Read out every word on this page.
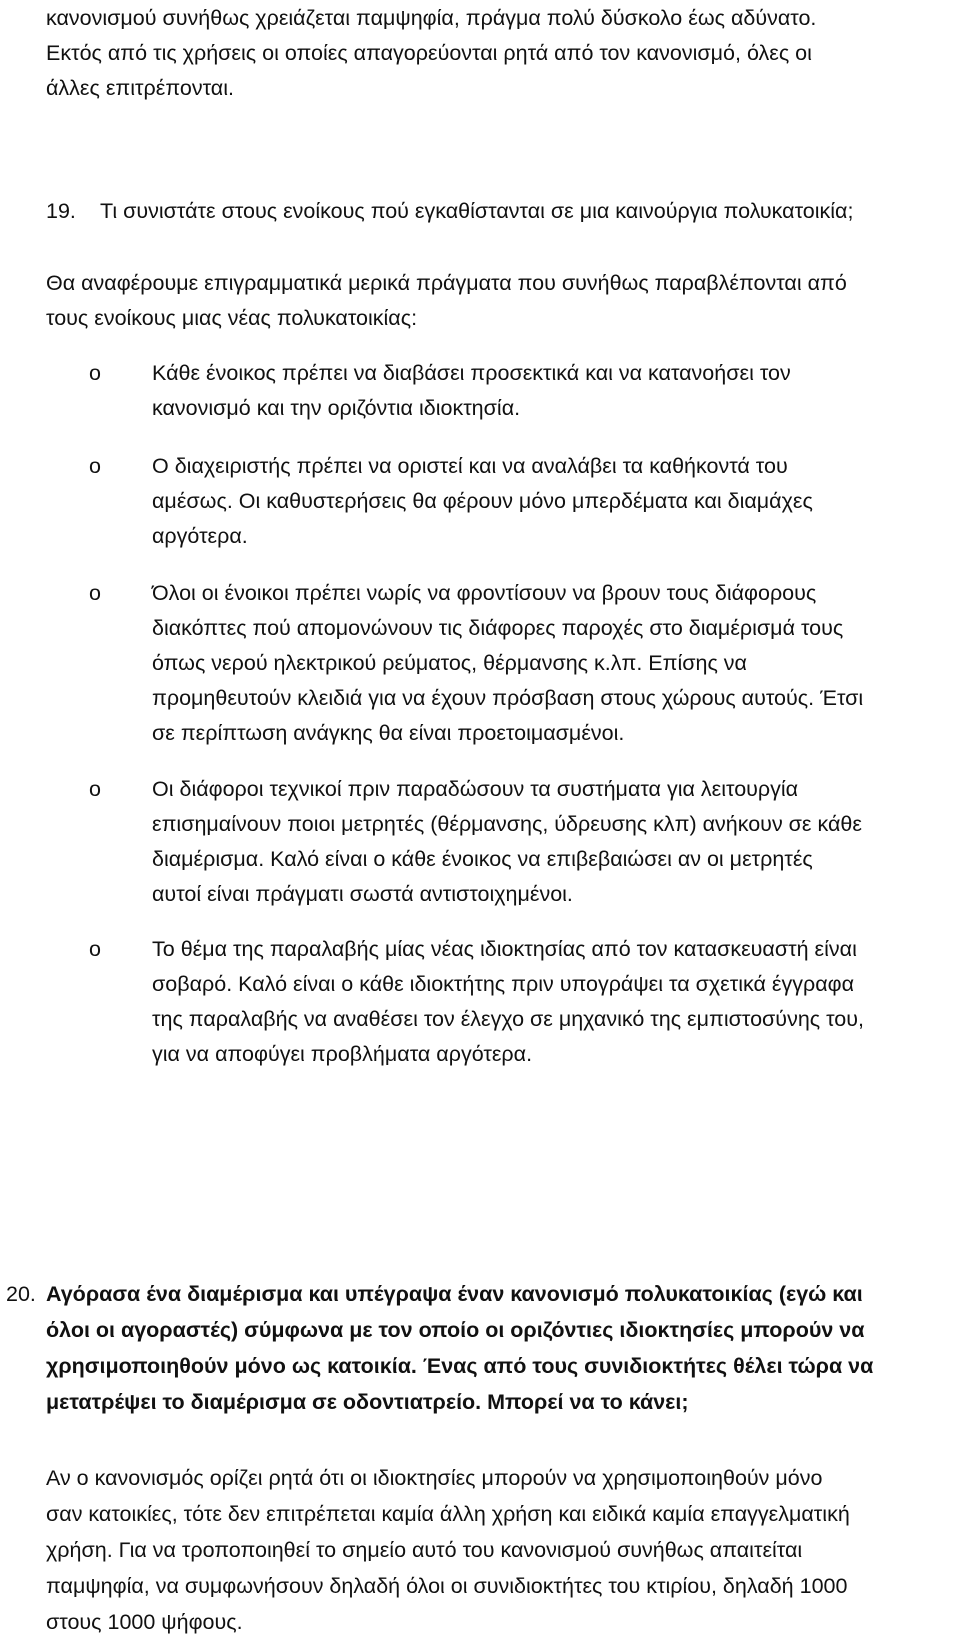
κανονισμού συνήθως χρειάζεται παμψηφία, πράγμα πολύ δύσκολο έως αδύνατο.
Εκτός από τις χρήσεις οι οποίες απαγορεύονται ρητά από τον κανονισμό, όλες οι
άλλες επιτρέπονται.
19. Τι συνιστάτε στους ενοίκους πού εγκαθίστανται σε μια καινούργια πολυκατοικία;
Θα αναφέρουμε επιγραμματικά μερικά πράγματα που συνήθως παραβλέπονται από
τους ενοίκους μιας νέας πολυκατοικίας:
o Κάθε ένοικος πρέπει να διαβάσει προσεκτικά και να κατανοήσει τον
κανονισμό και την οριζόντια ιδιοκτησία.
o Ο διαχειριστής πρέπει να οριστεί και να αναλάβει τα καθήκοντά του
αμέσως. Οι καθυστερήσεις θα φέρουν μόνο μπερδέματα και διαμάχες
αργότερα.
o Όλοι οι ένοικοι πρέπει νωρίς να φροντίσουν να βρουν τους διάφορους
διακόπτες πού απομονώνουν τις διάφορες παροχές στο διαμέρισμά τους
όπως νερού ηλεκτρικού ρεύματος, θέρμανσης κ.λπ. Επίσης να
προμηθευτούν κλειδιά για να έχουν πρόσβαση στους χώρους αυτούς. Έτσι
σε περίπτωση ανάγκης θα είναι προετοιμασμένοι.
o Οι διάφοροι τεχνικοί πριν παραδώσουν τα συστήματα για λειτουργία
επισημαίνουν ποιοι μετρητές (θέρμανσης, ύδρευσης κλπ) ανήκουν σε κάθε
διαμέρισμα. Καλό είναι ο κάθε ένοικος να επιβεβαιώσει αν οι μετρητές
αυτοί είναι πράγματι σωστά αντιστοιχημένοι.
o Το θέμα της παραλαβής μίας νέας ιδιοκτησίας από τον κατασκευαστή είναι
σοβαρό. Καλό είναι ο κάθε ιδιοκτήτης πριν υπογράψει τα σχετικά έγγραφα
της παραλαβής να αναθέσει τον έλεγχο σε μηχανικό της εμπιστοσύνης του,
για να αποφύγει προβλήματα αργότερα.
20. Αγόρασα ένα διαμέρισμα και υπέγραψα έναν κανονισμό πολυκατοικίας (εγώ και
όλοι οι αγοραστές) σύμφωνα με τον οποίο οι οριζόντιες ιδιοκτησίες μπορούν να
χρησιμοποιηθούν μόνο ως κατοικία. Ένας από τους συνιδιοκτήτες θέλει τώρα να
μετατρέψει το διαμέρισμα σε οδοντιατρείο. Μπορεί να το κάνει;
Αν ο κανονισμός ορίζει ρητά ότι οι ιδιοκτησίες μπορούν να χρησιμοποιηθούν μόνο
σαν κατοικίες, τότε δεν επιτρέπεται καμία άλλη χρήση και ειδικά καμία επαγγελματική
χρήση. Για να τροποποιηθεί το σημείο αυτό του κανονισμού συνήθως απαιτείται
παμψηφία, να συμφωνήσουν δηλαδή όλοι οι συνιδιοκτήτες του κτιρίου, δηλαδή 1000
στους 1000 ψήφους.
